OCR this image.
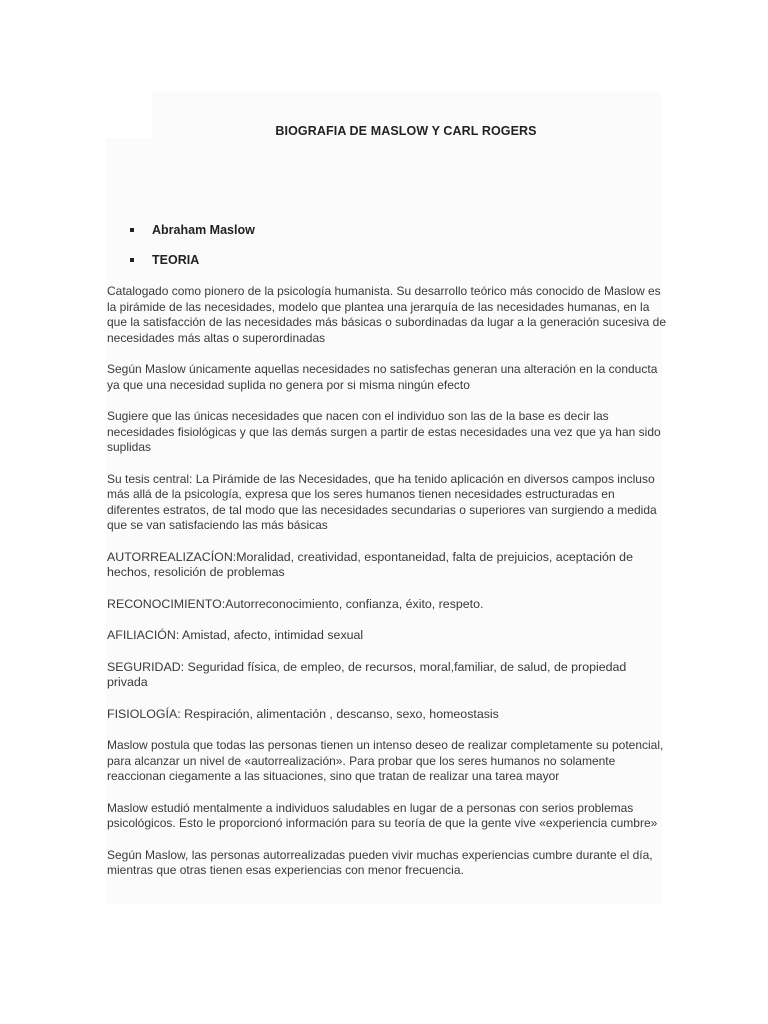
BIOGRAFIA DE MASLOW Y CARL ROGERS
Abraham Maslow
TEORIA

Catalogado como pionero de la psicología humanista. Su desarrollo teórico más conocido de Maslow es la pirámide de las necesidades, modelo que plantea una jerarquía de las necesidades humanas, en la que la satisfacción de las necesidades más básicas o subordinadas da lugar a la generación sucesiva de necesidades más altas o superordinadas

Según Maslow únicamente aquellas necesidades no satisfechas generan una alteración en la conducta ya que una necesidad suplida no genera por si misma ningún efecto

Sugiere que las únicas necesidades que nacen con el individuo son las de la base es decir las necesidades fisiológicas y que las demás surgen a partir de estas necesidades una vez que ya han sido suplidas

Su tesis central: La Pirámide de las Necesidades, que ha tenido aplicación en diversos campos incluso más allá de la psicología, expresa que los seres humanos tienen necesidades estructuradas en diferentes estratos, de tal modo que las necesidades secundarias o superiores van surgiendo a medida que se van satisfaciendo las más básicas

AUTORREALIZACÍON:Moralidad, creatividad, espontaneidad, falta de prejuicios, aceptación de hechos, resolición de problemas

RECONOCIMIENTO:Autorreconocimiento, confianza, éxito, respeto.

AFILIACIÓN: Amistad, afecto, intimidad sexual

SEGURIDAD: Seguridad física, de empleo, de recursos, moral,familiar, de salud, de propiedad privada

FISIOLOGÍA: Respiración, alimentación , descanso, sexo, homeostasis

Maslow postula que todas las personas tienen un intenso deseo de realizar completamente su potencial, para alcanzar un nivel de «autorrealización». Para probar que los seres humanos no solamente reaccionan ciegamente a las situaciones, sino que tratan de realizar una tarea mayor

Maslow estudió mentalmente a individuos saludables en lugar de a personas con serios problemas psicológicos. Esto le proporcionó información para su teoría de que la gente vive «experiencia cumbre»

Según Maslow, las personas autorrealizadas pueden vivir muchas experiencias cumbre durante el día, mientras que otras tienen esas experiencias con menor frecuencia.
